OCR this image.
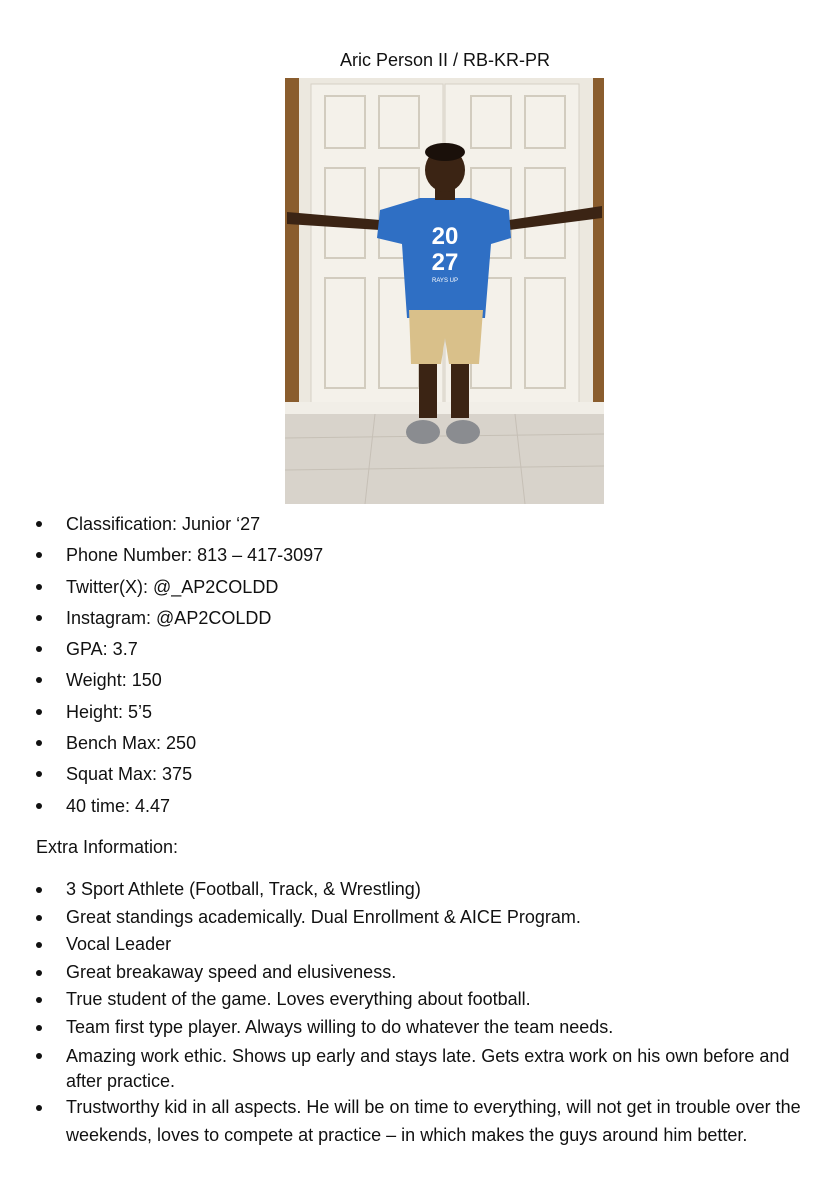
Aric Person II / RB-KR-PR
20
27
RAYS UP
Classification: Junior ‘27
Phone Number: 813 – 417-3097
Twitter(X): @_AP2COLDD
Instagram: @AP2COLDD
GPA: 3.7
Weight: 150
Height: 5’5
Bench Max: 250
Squat Max: 375
40 time: 4.47
Extra Information:
3 Sport Athlete (Football, Track, & Wrestling)
Great standings academically. Dual Enrollment & AICE Program.
Vocal Leader
Great breakaway speed and elusiveness.
True student of the game. Loves everything about football.
Team first type player. Always willing to do whatever the team needs.
Amazing work ethic. Shows up early and stays late. Gets extra work on his own before and after practice.
Trustworthy kid in all aspects. He will be on time to everything, will not get in trouble over the weekends, loves to compete at practice – in which makes the guys around him better.
